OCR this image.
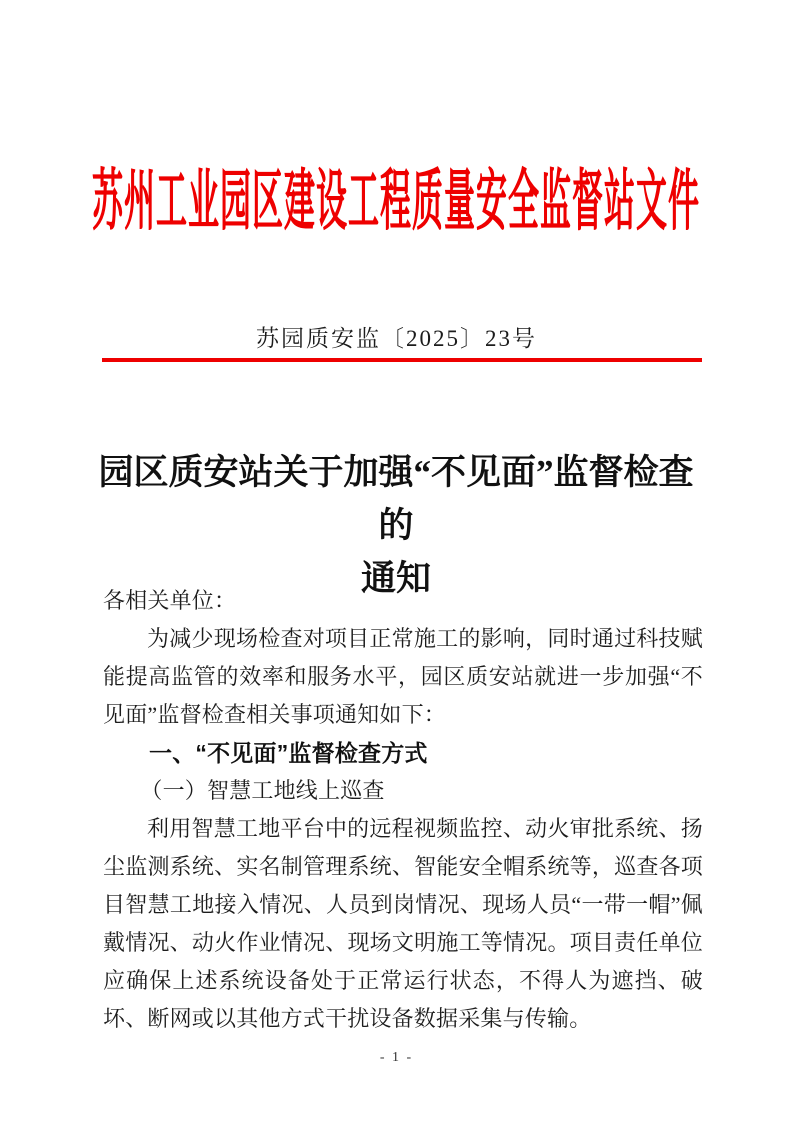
苏州工业园区建设工程质量安全监督站文件
苏园质安监〔2025〕23号
园区质安站关于加强“不见面”监督检查的
通知

各相关单位：

为减少现场检查对项目正常施工的影响，同时通过科技赋能提高监管的效率和服务水平，园区质安站就进一步加强“不见面”监督检查相关事项通知如下：

一、“不见面”监督检查方式

（一）智慧工地线上巡查

利用智慧工地平台中的远程视频监控、动火审批系统、扬尘监测系统、实名制管理系统、智能安全帽系统等，巡查各项目智慧工地接入情况、人员到岗情况、现场人员“一带一帽”佩戴情况、动火作业情况、现场文明施工等情况。项目责任单位应确保上述系统设备处于正常运行状态，不得人为遮挡、破坏、断网或以其他方式干扰设备数据采集与传输。

- 1 -
